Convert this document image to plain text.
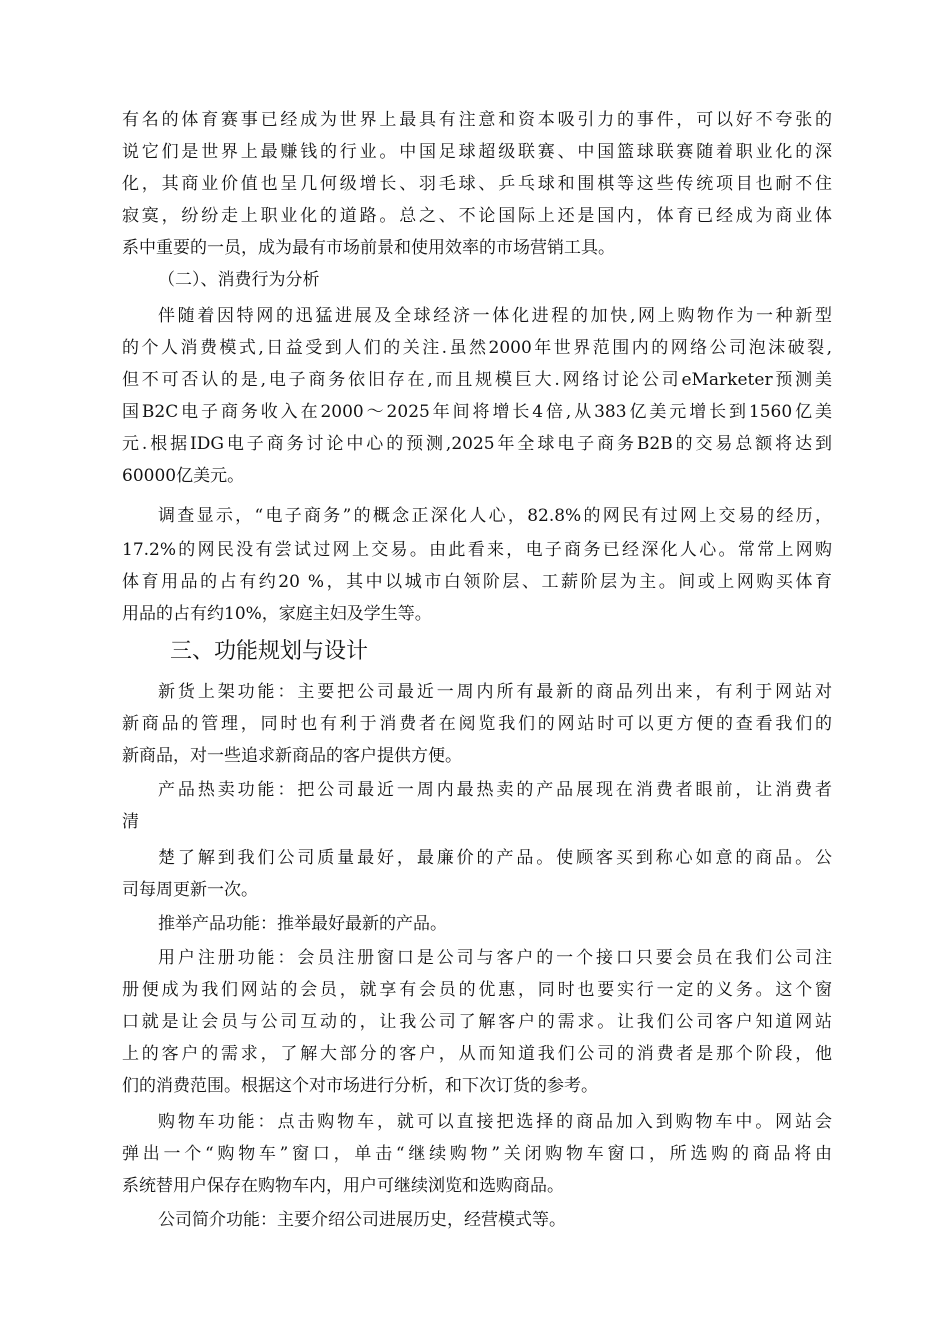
有名的体育赛事已经成为世界上最具有注意和资本吸引力的事件，可以好不夸张的
说它们是世界上最赚钱的行业。中国足球超级联赛、中国篮球联赛随着职业化的深
化，其商业价值也呈几何级增长、羽毛球、乒乓球和围棋等这些传统项目也耐不住
寂寞，纷纷走上职业化的道路。总之、不论国际上还是国内，体育已经成为商业体
系中重要的一员，成为最有市场前景和使用效率的市场营销工具。
（二）、消费行为分析
伴随着因特网的迅猛进展及全球经济一体化进程的加快,网上购物作为一种新型
的个人消费模式,日益受到人们的关注.虽然2000年世界范围内的网络公司泡沫破裂,
但不可否认的是,电子商务依旧存在,而且规模巨大.网络讨论公司eMarketer预测美
国B2C电子商务收入在2000～2025年间将增长4倍,从383亿美元增长到1560亿美
元.根据IDG电子商务讨论中心的预测,2025年全球电子商务B2B的交易总额将达到
60000亿美元。
调查显示，“电子商务”的概念正深化人心，82.8%的网民有过网上交易的经历，
17.2%的网民没有尝试过网上交易。由此看来，电子商务已经深化人心。常常上网购
体育用品的占有约20 %，其中以城市白领阶层、工薪阶层为主。间或上网购买体育
用品的占有约10%，家庭主妇及学生等。
三、功能规划与设计
新货上架功能：主要把公司最近一周内所有最新的商品列出来，有利于网站对
新商品的管理，同时也有利于消费者在阅览我们的网站时可以更方便的查看我们的
新商品，对一些追求新商品的客户提供方便。
产品热卖功能：把公司最近一周内最热卖的产品展现在消费者眼前，让消费者
清
楚了解到我们公司质量最好，最廉价的产品。使顾客买到称心如意的商品。公
司每周更新一次。
推举产品功能：推举最好最新的产品。
用户注册功能：会员注册窗口是公司与客户的一个接口只要会员在我们公司注
册便成为我们网站的会员，就享有会员的优惠，同时也要实行一定的义务。这个窗
口就是让会员与公司互动的，让我公司了解客户的需求。让我们公司客户知道网站
上的客户的需求，了解大部分的客户，从而知道我们公司的消费者是那个阶段，他
们的消费范围。根据这个对市场进行分析，和下次订货的参考。
购物车功能：点击购物车，就可以直接把选择的商品加入到购物车中。网站会
弹出一个“购物车”窗口，单击“继续购物”关闭购物车窗口，所选购的商品将由
系统替用户保存在购物车内，用户可继续浏览和选购商品。
公司简介功能：主要介绍公司进展历史，经营模式等。
